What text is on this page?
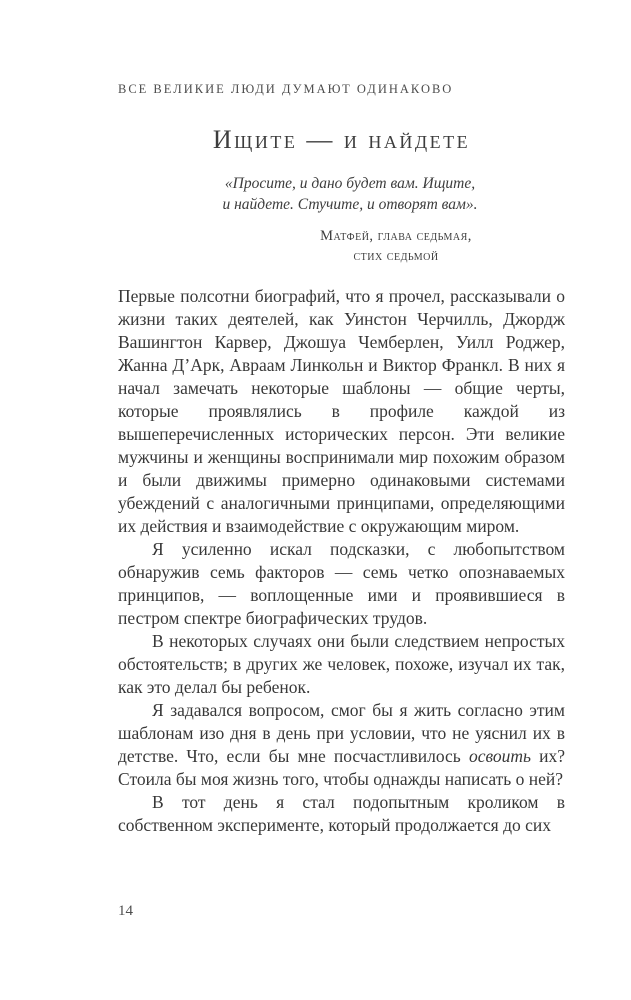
ВСЕ ВЕЛИКИЕ ЛЮДИ ДУМАЮТ ОДИНАКОВО
Ищите — и найдете
«Просите, и дано будет вам. Ищите,
и найдете. Стучите, и отворят вам».
Матфей, глава седьмая,
стих седьмой

Первые полсотни биографий, что я прочел, рассказывали о жизни таких деятелей, как Уинстон Черчилль, Джордж Вашингтон Карвер, Джошуа Чемберлен, Уилл Роджер, Жанна Д’Арк, Авраам Линкольн и Виктор Франкл. В них я начал замечать некоторые шаблоны — общие черты, которые проявлялись в профиле каждой из вышеперечисленных исторических персон. Эти великие мужчины и женщины воспринимали мир похожим образом и были движимы примерно одинаковыми системами убеждений с аналогичными принципами, определяющими их действия и взаимодействие с окружающим миром.

Я усиленно искал подсказки, с любопытством обнаружив семь факторов — семь четко опознаваемых принципов, — воплощенные ими и проявившиеся в пестром спектре биографических трудов.

В некоторых случаях они были следствием непростых обстоятельств; в других же человек, похоже, изучал их так, как это делал бы ребенок.

Я задавался вопросом, смог бы я жить согласно этим шаблонам изо дня в день при условии, что не уяснил их в детстве. Что, если бы мне посчастливилось освоить их? Стоила бы моя жизнь того, чтобы однажды написать о ней?

В тот день я стал подопытным кроликом в собственном эксперименте, который продолжается до сих

14
